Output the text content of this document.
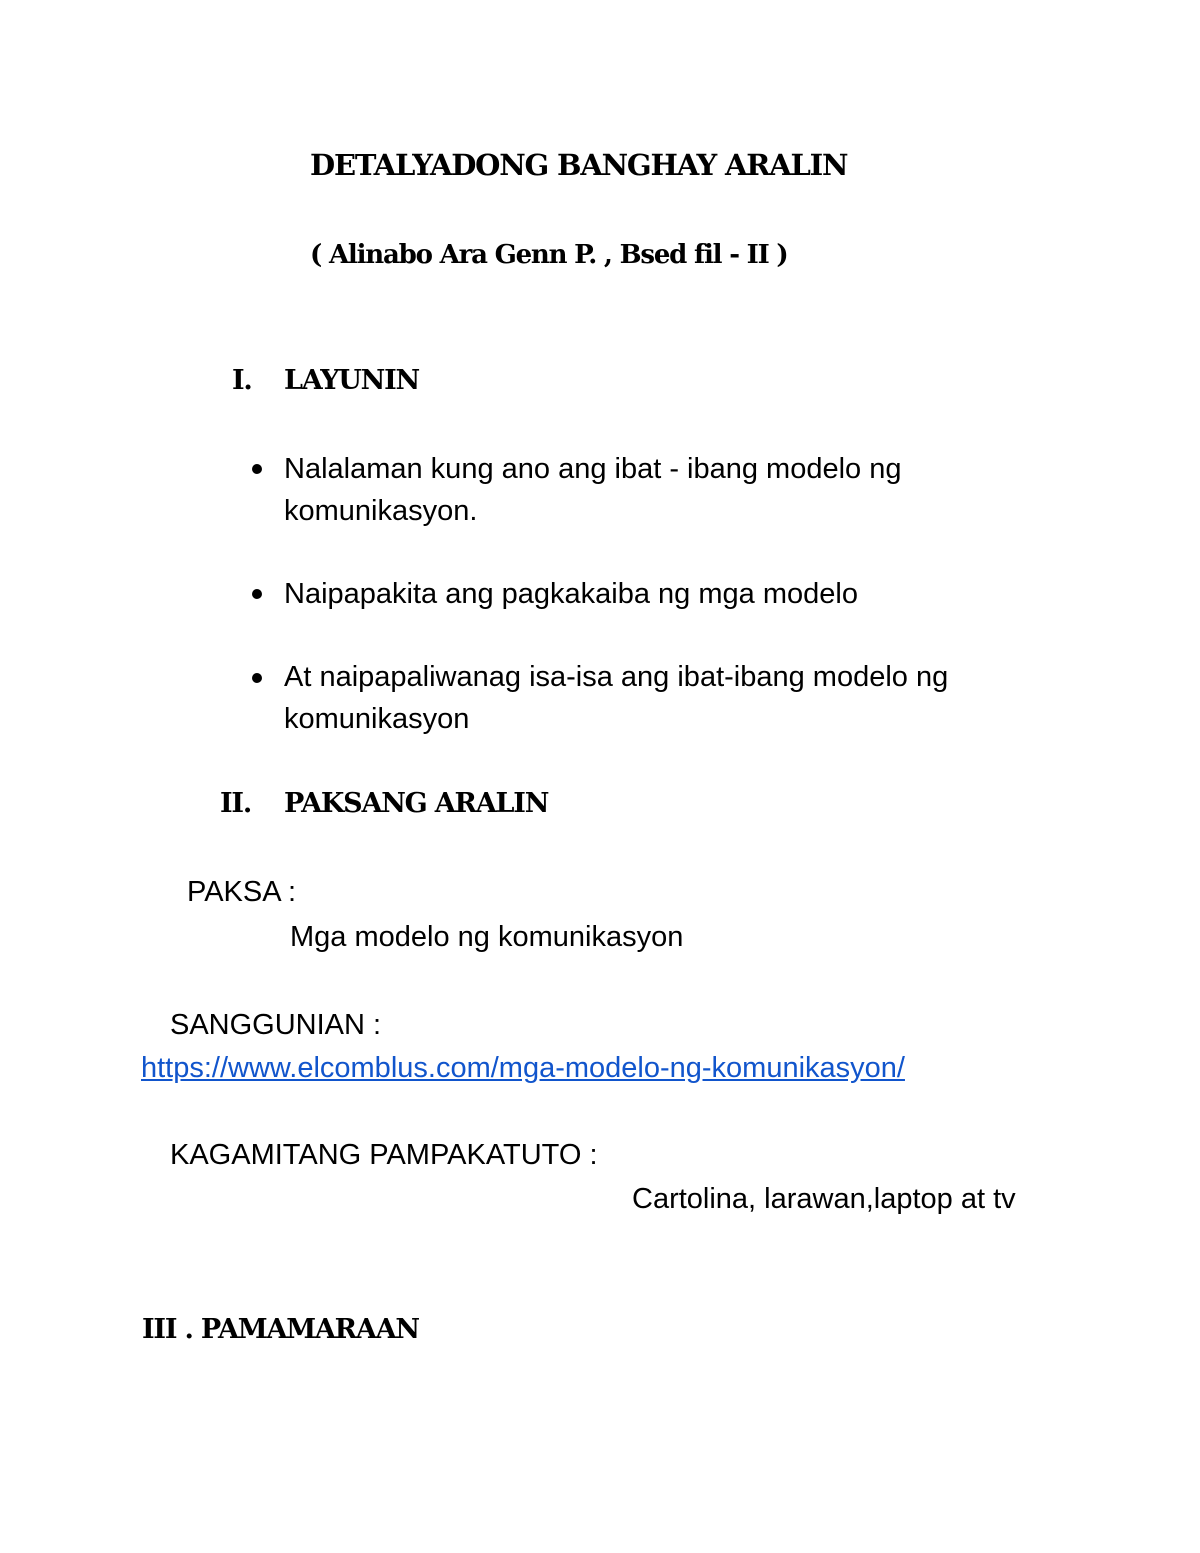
DETALYADONG BANGHAY ARALIN
( Alinabo Ara Genn P. , Bsed fil - II )
I. LAYUNIN
Nalalaman kung ano ang ibat - ibang modelo ng komunikasyon.
Naipapakita ang pagkakaiba ng mga modelo
At naipapaliwanag isa-isa ang ibat-ibang modelo ng komunikasyon
II. PAKSANG ARALIN
PAKSA :
Mga modelo ng komunikasyon
SANGGUNIAN :
https://www.elcomblus.com/mga-modelo-ng-komunikasyon/
KAGAMITANG PAMPAKATUTO :
Cartolina, larawan,laptop at tv
III . PAMAMARAAN
